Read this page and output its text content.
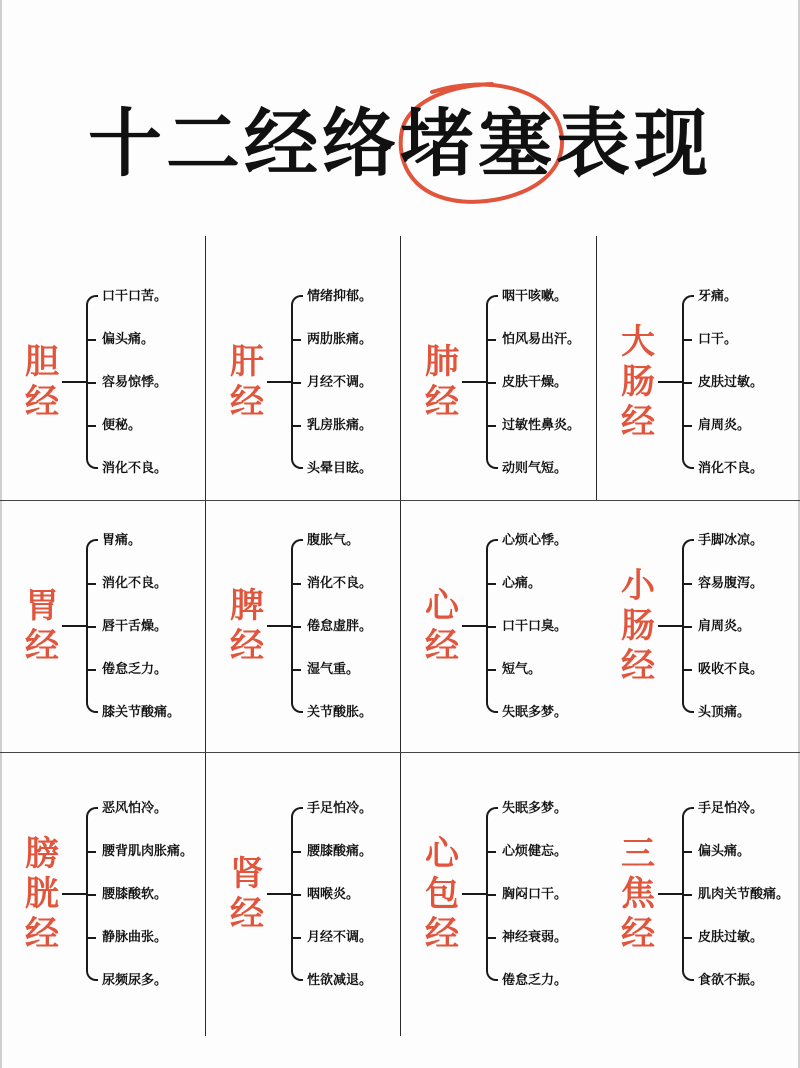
十二经络堵塞表现
胆
经
口干口苦。
偏头痛。
容易惊悸。
便秘。
消化不良。
肝
经
情绪抑郁。
两肋胀痛。
月经不调。
乳房胀痛。
头晕目眩。
肺
经
咽干咳嗽。
怕风易出汗。
皮肤干燥。
过敏性鼻炎。
动则气短。
大
肠
经
牙痛。
口干。
皮肤过敏。
肩周炎。
消化不良。
胃
经
胃痛。
消化不良。
唇干舌燥。
倦怠乏力。
膝关节酸痛。
脾
经
腹胀气。
消化不良。
倦怠虚胖。
湿气重。
关节酸胀。
心
经
心烦心悸。
心痛。
口干口臭。
短气。
失眠多梦。
小
肠
经
手脚冰凉。
容易腹泻。
肩周炎。
吸收不良。
头顶痛。
膀
胱
经
恶风怕冷。
腰背肌肉胀痛。
腰膝酸软。
静脉曲张。
尿频尿多。
肾
经
手足怕冷。
腰膝酸痛。
咽喉炎。
月经不调。
性欲减退。
心
包
经
失眠多梦。
心烦健忘。
胸闷口干。
神经衰弱。
倦怠乏力。
三
焦
经
手足怕冷。
偏头痛。
肌肉关节酸痛。
皮肤过敏。
食欲不振。
